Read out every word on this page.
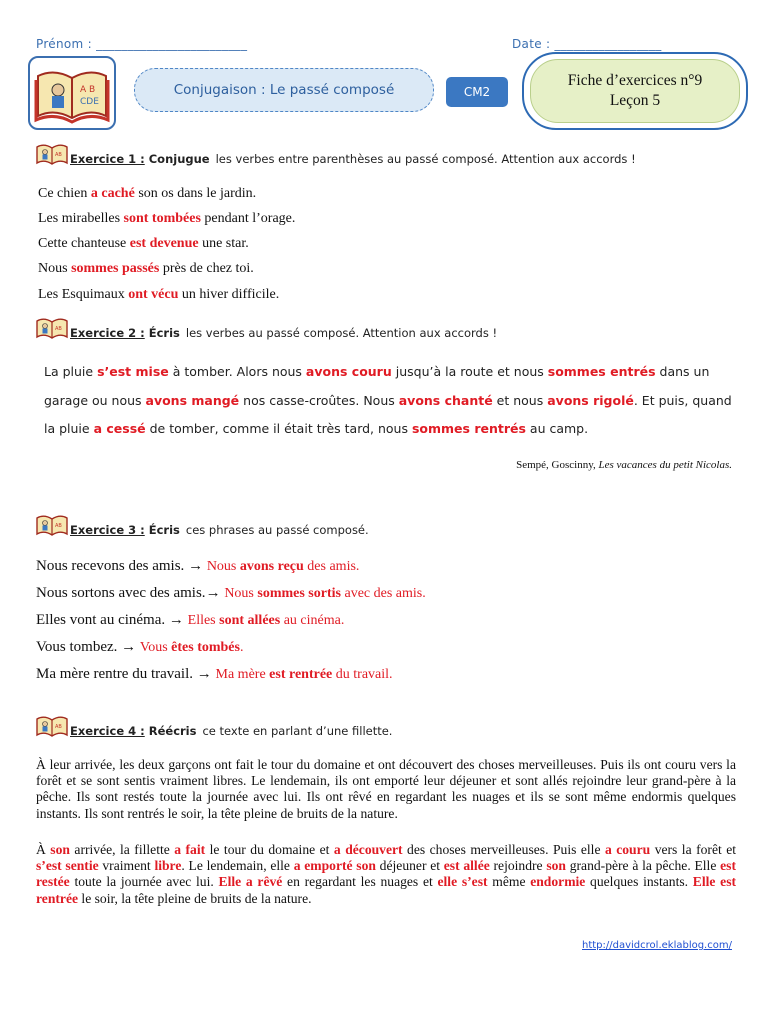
Prénom : ________________________	Date : _________________
A B
CDE
Conjugaison : Le passé composé	CM2
Fiche d’exercices n°9
Leçon 5
Exercice 1 : Conjugue les verbes entre parenthèses au passé composé. Attention aux accords !
Ce chien a caché son os dans le jardin.
Les mirabelles sont tombées pendant l’orage.
Cette chanteuse est devenue une star.
Nous sommes passés près de chez toi.
Les Esquimaux ont vécu un hiver difficile.
Exercice 2 : Écris les verbes au passé composé. Attention aux accords !
La pluie s’est mise à tomber. Alors nous avons couru jusqu’à la route et nous sommes entrés dans un
garage ou nous avons mangé nos casse-croûtes. Nous avons chanté et nous avons rigolé. Et puis, quand
la pluie a cessé de tomber, comme il était très tard, nous sommes rentrés au camp.
Sempé, Goscinny, Les vacances du petit Nicolas.
Exercice 3 : Écris ces phrases au passé composé.
Nous recevons des amis. → Nous avons reçu des amis.
Nous sortons avec des amis.→ Nous sommes sortis avec des amis.
Elles vont au cinéma. → Elles sont allées au cinéma.
Vous tombez. → Vous êtes tombés.
Ma mère rentre du travail. → Ma mère est rentrée du travail.
Exercice 4 : Réécris ce texte en parlant d’une fillette.
À leur arrivée, les deux garçons ont fait le tour du domaine et ont découvert des choses merveilleuses. Puis ils ont couru vers la forêt et se sont sentis vraiment libres. Le lendemain, ils ont emporté leur déjeuner et sont allés rejoindre leur grand-père à la pêche. Ils sont restés toute la journée avec lui. Ils ont rêvé en regardant les nuages et ils se sont même endormis quelques instants. Ils sont rentrés le soir, la tête pleine de bruits de la nature.
À son arrivée, la fillette a fait le tour du domaine et a découvert des choses merveilleuses. Puis elle a couru vers la forêt et s’est sentie vraiment libre. Le lendemain, elle a emporté son déjeuner et est allée rejoindre son grand-père à la pêche. Elle est restée toute la journée avec lui. Elle a rêvé en regardant les nuages et elle s’est même endormie quelques instants. Elle est rentrée le soir, la tête pleine de bruits de la nature.
http://davidcrol.eklablog.com/
